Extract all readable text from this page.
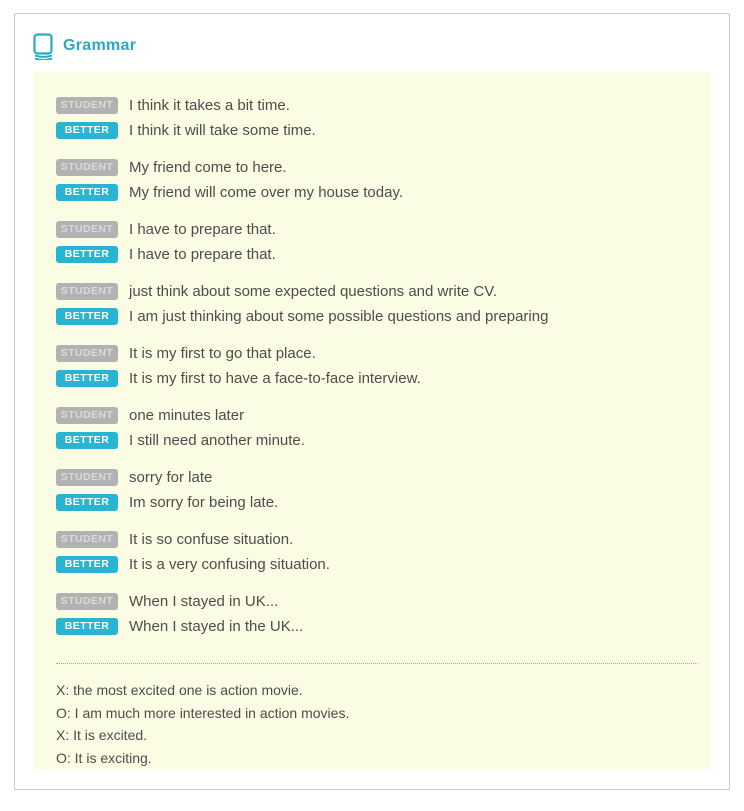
Grammar
STUDENT	I think it takes a bit time.
BETTER	I think it will take some time.
STUDENT	My friend come to here.
BETTER	My friend will come over my house today.
STUDENT	I have to prepare that.
BETTER	I have to prepare that.
STUDENT	just think about some expected questions and write CV.
BETTER	I am just thinking about some possible questions and preparing
STUDENT	It is my first to go that place.
BETTER	It is my first to have a face-to-face interview.
STUDENT	one minutes later
BETTER	I still need another minute.
STUDENT	sorry for late
BETTER	Im sorry for being late.
STUDENT	It is so confuse situation.
BETTER	It is a very confusing situation.
STUDENT	When I stayed in UK...
BETTER	When I stayed in the UK...
X: the most excited one is action movie.
O: I am much more interested in action movies.
X: It is excited.
O: It is exciting.
